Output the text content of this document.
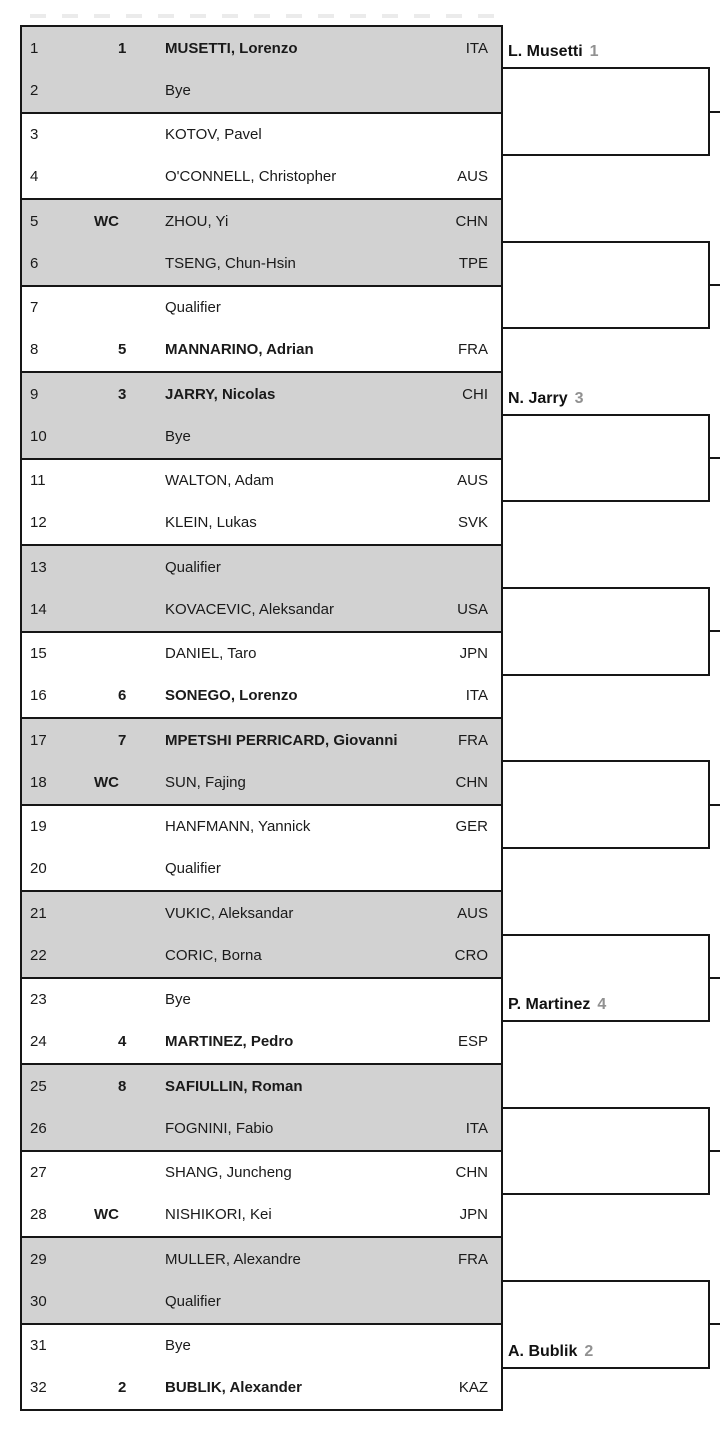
1	1	MUSETTI, Lorenzo	ITA
2	Bye
3	KOTOV, Pavel
4	O'CONNELL, Christopher	AUS
5	WC	ZHOU, Yi	CHN
6	TSENG, Chun-Hsin	TPE
7	Qualifier
8	5	MANNARINO, Adrian	FRA
9	3	JARRY, Nicolas	CHI
10	Bye
11	WALTON, Adam	AUS
12	KLEIN, Lukas	SVK
13	Qualifier
14	KOVACEVIC, Aleksandar	USA
15	DANIEL, Taro	JPN
16	6	SONEGO, Lorenzo	ITA
17	7	MPETSHI PERRICARD, Giovanni	FRA
18	WC	SUN, Fajing	CHN
19	HANFMANN, Yannick	GER
20	Qualifier
21	VUKIC, Aleksandar	AUS
22	CORIC, Borna	CRO
23	Bye
24	4	MARTINEZ, Pedro	ESP
25	8	SAFIULLIN, Roman
26	FOGNINI, Fabio	ITA
27	SHANG, Juncheng	CHN
28	WC	NISHIKORI, Kei	JPN
29	MULLER, Alexandre	FRA
30	Qualifier
31	Bye
32	2	BUBLIK, Alexander	KAZ
L. Musetti 1
N. Jarry 3
P. Martinez 4
A. Bublik 2
